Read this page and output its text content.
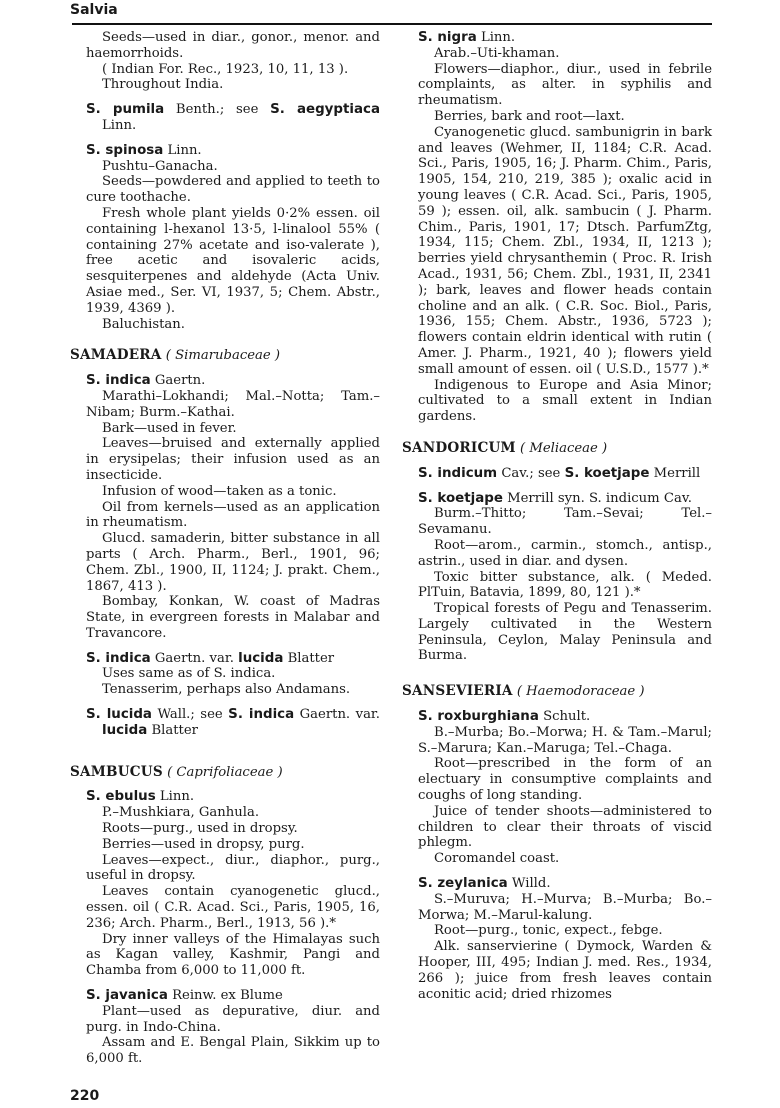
Salvia

Seeds—used in diar., gonor., menor. and haemorrhoids.

( Indian For. Rec., 1923, 10, 11, 13 ).

Throughout India.

S. pumila Benth.; see S. aegyptiaca Linn.

S. spinosa Linn.

Pushtu–Ganacha.

Seeds—powdered and applied to teeth to cure toothache.

Fresh whole plant yields 0·2% essen. oil containing l-hexanol 13·5, l-linalool 55% ( containing 27% acetate and iso-valerate ), free acetic and isovaleric acids, sesquiterpenes and aldehyde (Acta Univ. Asiae med., Ser. VI, 1937, 5; Chem. Abstr., 1939, 4369 ).

Baluchistan.

SAMADERA ( Simarubaceae )

S. indica Gaertn.

Marathi–Lokhandi; Mal.–Notta; Tam.–Nibam; Burm.–Kathai.

Bark—used in fever.

Leaves—bruised and externally applied in erysipelas; their infusion used as an insecticide.

Infusion of wood—taken as a tonic.

Oil from kernels—used as an application in rheumatism.

Glucd. samaderin, bitter substance in all parts ( Arch. Pharm., Berl., 1901, 96; Chem. Zbl., 1900, II, 1124; J. prakt. Chem., 1867, 413 ).

Bombay, Konkan, W. coast of Madras State, in evergreen forests in Malabar and Travancore.

S. indica Gaertn. var. lucida Blatter

Uses same as of S. indica.

Tenasserim, perhaps also Andamans.

S. lucida Wall.; see S. indica Gaertn. var. lucida Blatter

SAMBUCUS ( Caprifoliaceae )

S. ebulus Linn.

P.–Mushkiara, Ganhula.

Roots—purg., used in dropsy.

Berries—used in dropsy, purg.

Leaves—expect., diur., diaphor., purg., useful in dropsy.

Leaves contain cyanogenetic glucd., essen. oil ( C.R. Acad. Sci., Paris, 1905, 16, 236; Arch. Pharm., Berl., 1913, 56 ).*

Dry inner valleys of the Himalayas such as Kagan valley, Kashmir, Pangi and Chamba from 6,000 to 11,000 ft.

S. javanica Reinw. ex Blume

Plant—used as depurative, diur. and purg. in Indo-China.

Assam and E. Bengal Plain, Sikkim up to 6,000 ft.

S. nigra Linn.

Arab.–Uti-khaman.

Flowers—diaphor., diur., used in febrile complaints, as alter. in syphilis and rheumatism.

Berries, bark and root—laxt.

Cyanogenetic glucd. sambunigrin in bark and leaves (Wehmer, II, 1184; C.R. Acad. Sci., Paris, 1905, 16; J. Pharm. Chim., Paris, 1905, 154, 210, 219, 385 ); oxalic acid in young leaves ( C.R. Acad. Sci., Paris, 1905, 59 ); essen. oil, alk. sambucin ( J. Pharm. Chim., Paris, 1901, 17; Dtsch. ParfumZtg, 1934, 115; Chem. Zbl., 1934, II, 1213 ); berries yield chrysanthemin ( Proc. R. Irish Acad., 1931, 56; Chem. Zbl., 1931, II, 2341 ); bark, leaves and flower heads contain choline and an alk. ( C.R. Soc. Biol., Paris, 1936, 155; Chem. Abstr., 1936, 5723 ); flowers contain eldrin identical with rutin ( Amer. J. Pharm., 1921, 40 ); flowers yield small amount of essen. oil ( U.S.D., 1577 ).*

Indigenous to Europe and Asia Minor; cultivated to a small extent in Indian gardens.

SANDORICUM ( Meliaceae )

S. indicum Cav.; see S. koetjape Merrill

S. koetjape Merrill syn. S. indicum Cav.

Burm.–Thitto; Tam.–Sevai; Tel.–Sevamanu.

Root—arom., carmin., stomch., antisp., astrin., used in diar. and dysen.

Toxic bitter substance, alk. ( Meded. PlTuin, Batavia, 1899, 80, 121 ).*

Tropical forests of Pegu and Tenasserim. Largely cultivated in the Western Peninsula, Ceylon, Malay Peninsula and Burma.

SANSEVIERIA ( Haemodoraceae )

S. roxburghiana Schult.

B.–Murba; Bo.–Morwa; H. & Tam.–Marul; S.–Marura; Kan.–Maruga; Tel.–Chaga.

Root—prescribed in the form of an electuary in consumptive complaints and coughs of long standing.

Juice of tender shoots—administered to children to clear their throats of viscid phlegm.

Coromandel coast.

S. zeylanica Willd.

S.–Muruva; H.–Murva; B.–Murba; Bo.–Morwa; M.–Marul-kalung.

Root—purg., tonic, expect., febge.

Alk. sanservierine ( Dymock, Warden & Hooper, III, 495; Indian J. med. Res., 1934, 266 ); juice from fresh leaves contain aconitic acid; dried rhizomes

220
